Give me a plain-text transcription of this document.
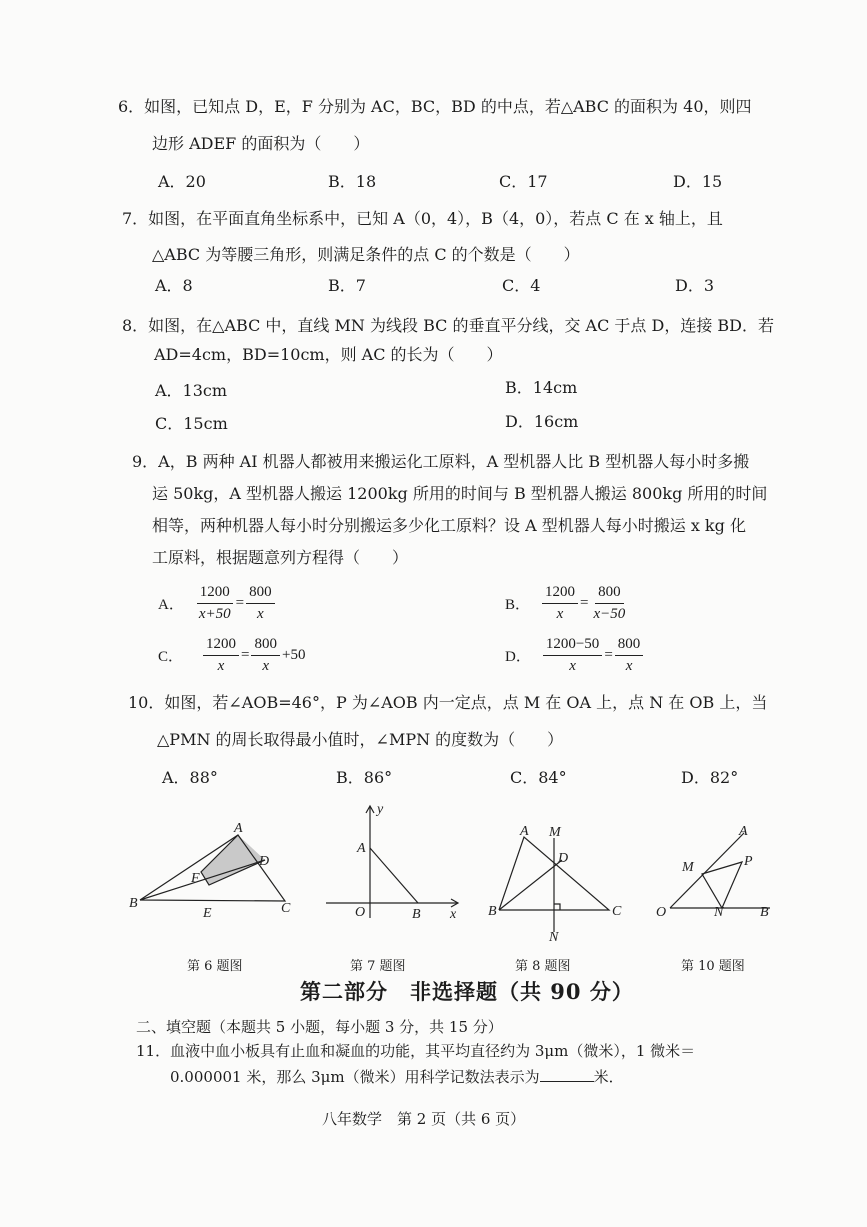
6．如图，已知点 D，E，F 分别为 AC，BC，BD 的中点，若△ABC 的面积为 40，则四
边形 ADEF 的面积为（　　）
A．20	B．18	C．17	D．15
7．如图，在平面直角坐标系中，已知 A（0，4），B（4，0），若点 C 在 x 轴上，且
△ABC 为等腰三角形，则满足条件的点 C 的个数是（　　）
A．8	B．7	C．4	D．3
8．如图，在△ABC 中，直线 MN 为线段 BC 的垂直平分线，交 AC 于点 D，连接 BD．若
AD=4cm，BD=10cm，则 AC 的长为（　　）
A．13cm	B．14cm
C．15cm	D．16cm
9．A，B 两种 AI 机器人都被用来搬运化工原料，A 型机器人比 B 型机器人每小时多搬
运 50kg，A 型机器人搬运 1200kg 所用的时间与 B 型机器人搬运 800kg 所用的时间
相等，两种机器人每小时分别搬运多少化工原料？设 A 型机器人每小时搬运 x kg 化
工原料，根据题意列方程得（　　）
A． $\frac{1200}{x+50} = \frac{800}{x}$	B． $\frac{1200}{x} = \frac{800}{x-50}$
C． $\frac{1200}{x} = \frac{800}{x} +50$	D． $\frac{1200-50}{x} = \frac{800}{x}$
10．如图，若∠AOB=46°，P 为∠AOB 内一定点，点 M 在 OA 上，点 N 在 OB 上，当
△PMN 的周长取得最小值时，∠MPN 的度数为（　　）
A．88°	B．86°	C．84°	D．82°
A
B	C
D
E
F
y
A
O	B x
A M
D
B	C
N
A
M	P
O	N	B
第 6 题图	第 7 题图	第 8 题图	第 10 题图
第二部分　非选择题（共 90 分）
二、填空题（本题共 5 小题，每小题 3 分，共 15 分）
11．血液中血小板具有止血和凝血的功能，其平均直径约为 3μm（微米），1 微米＝
0.000001 米，那么 3μm（微米）用科学记数法表示为	米．
八年数学　第 2 页（共 6 页）
